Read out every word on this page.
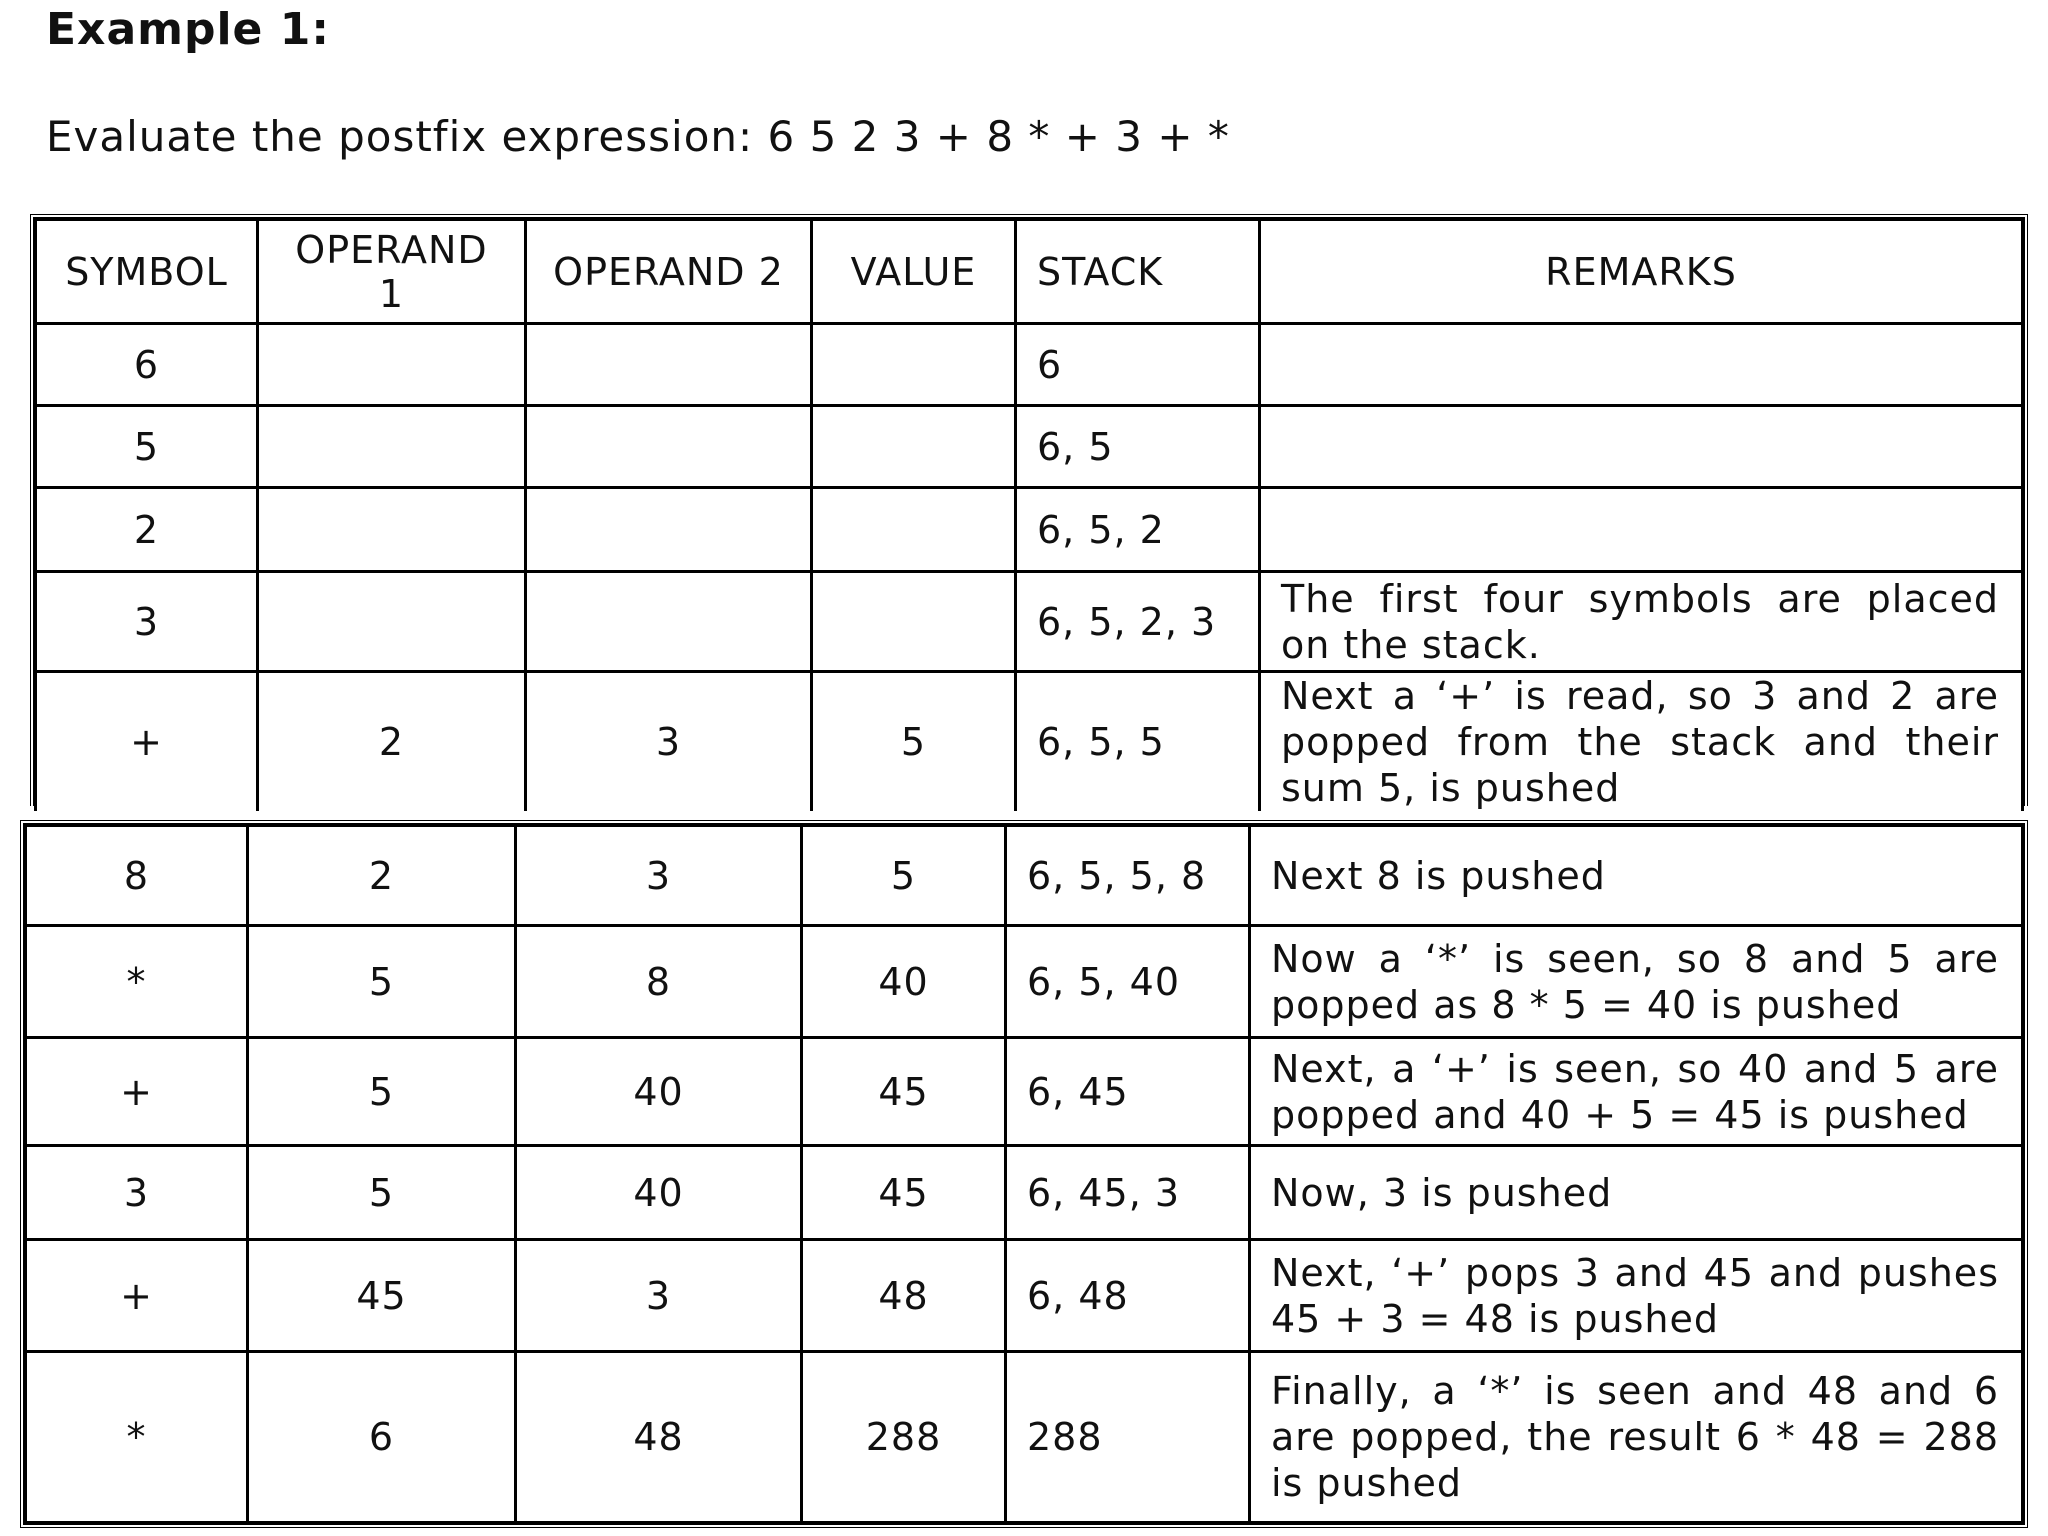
Example 1:
Evaluate the postfix expression: 6 5 2 3 + 8 * + 3 + *
SYMBOL	OPERAND 1	OPERAND 2	VALUE	STACK	REMARKS
6				6	
5				6, 5	
2				6, 5, 2	
3				6, 5, 2, 3	The first four symbols are placed on the stack.
+	2	3	5	6, 5, 5	Next a ‘+’ is read, so 3 and 2 are popped from the stack and their sum 5, is pushed
8	2	3	5	6, 5, 5, 8	Next 8 is pushed
*	5	8	40	6, 5, 40	Now a ‘*’ is seen, so 8 and 5 are popped as 8 * 5 = 40 is pushed
+	5	40	45	6, 45	Next, a ‘+’ is seen, so 40 and 5 are popped and 40 + 5 = 45 is pushed
3	5	40	45	6, 45, 3	Now, 3 is pushed
+	45	3	48	6, 48	Next, ‘+’ pops 3 and 45 and pushes 45 + 3 = 48 is pushed
*	6	48	288	288	Finally, a ‘*’ is seen and 48 and 6 are popped, the result 6 * 48 = 288 is pushed
